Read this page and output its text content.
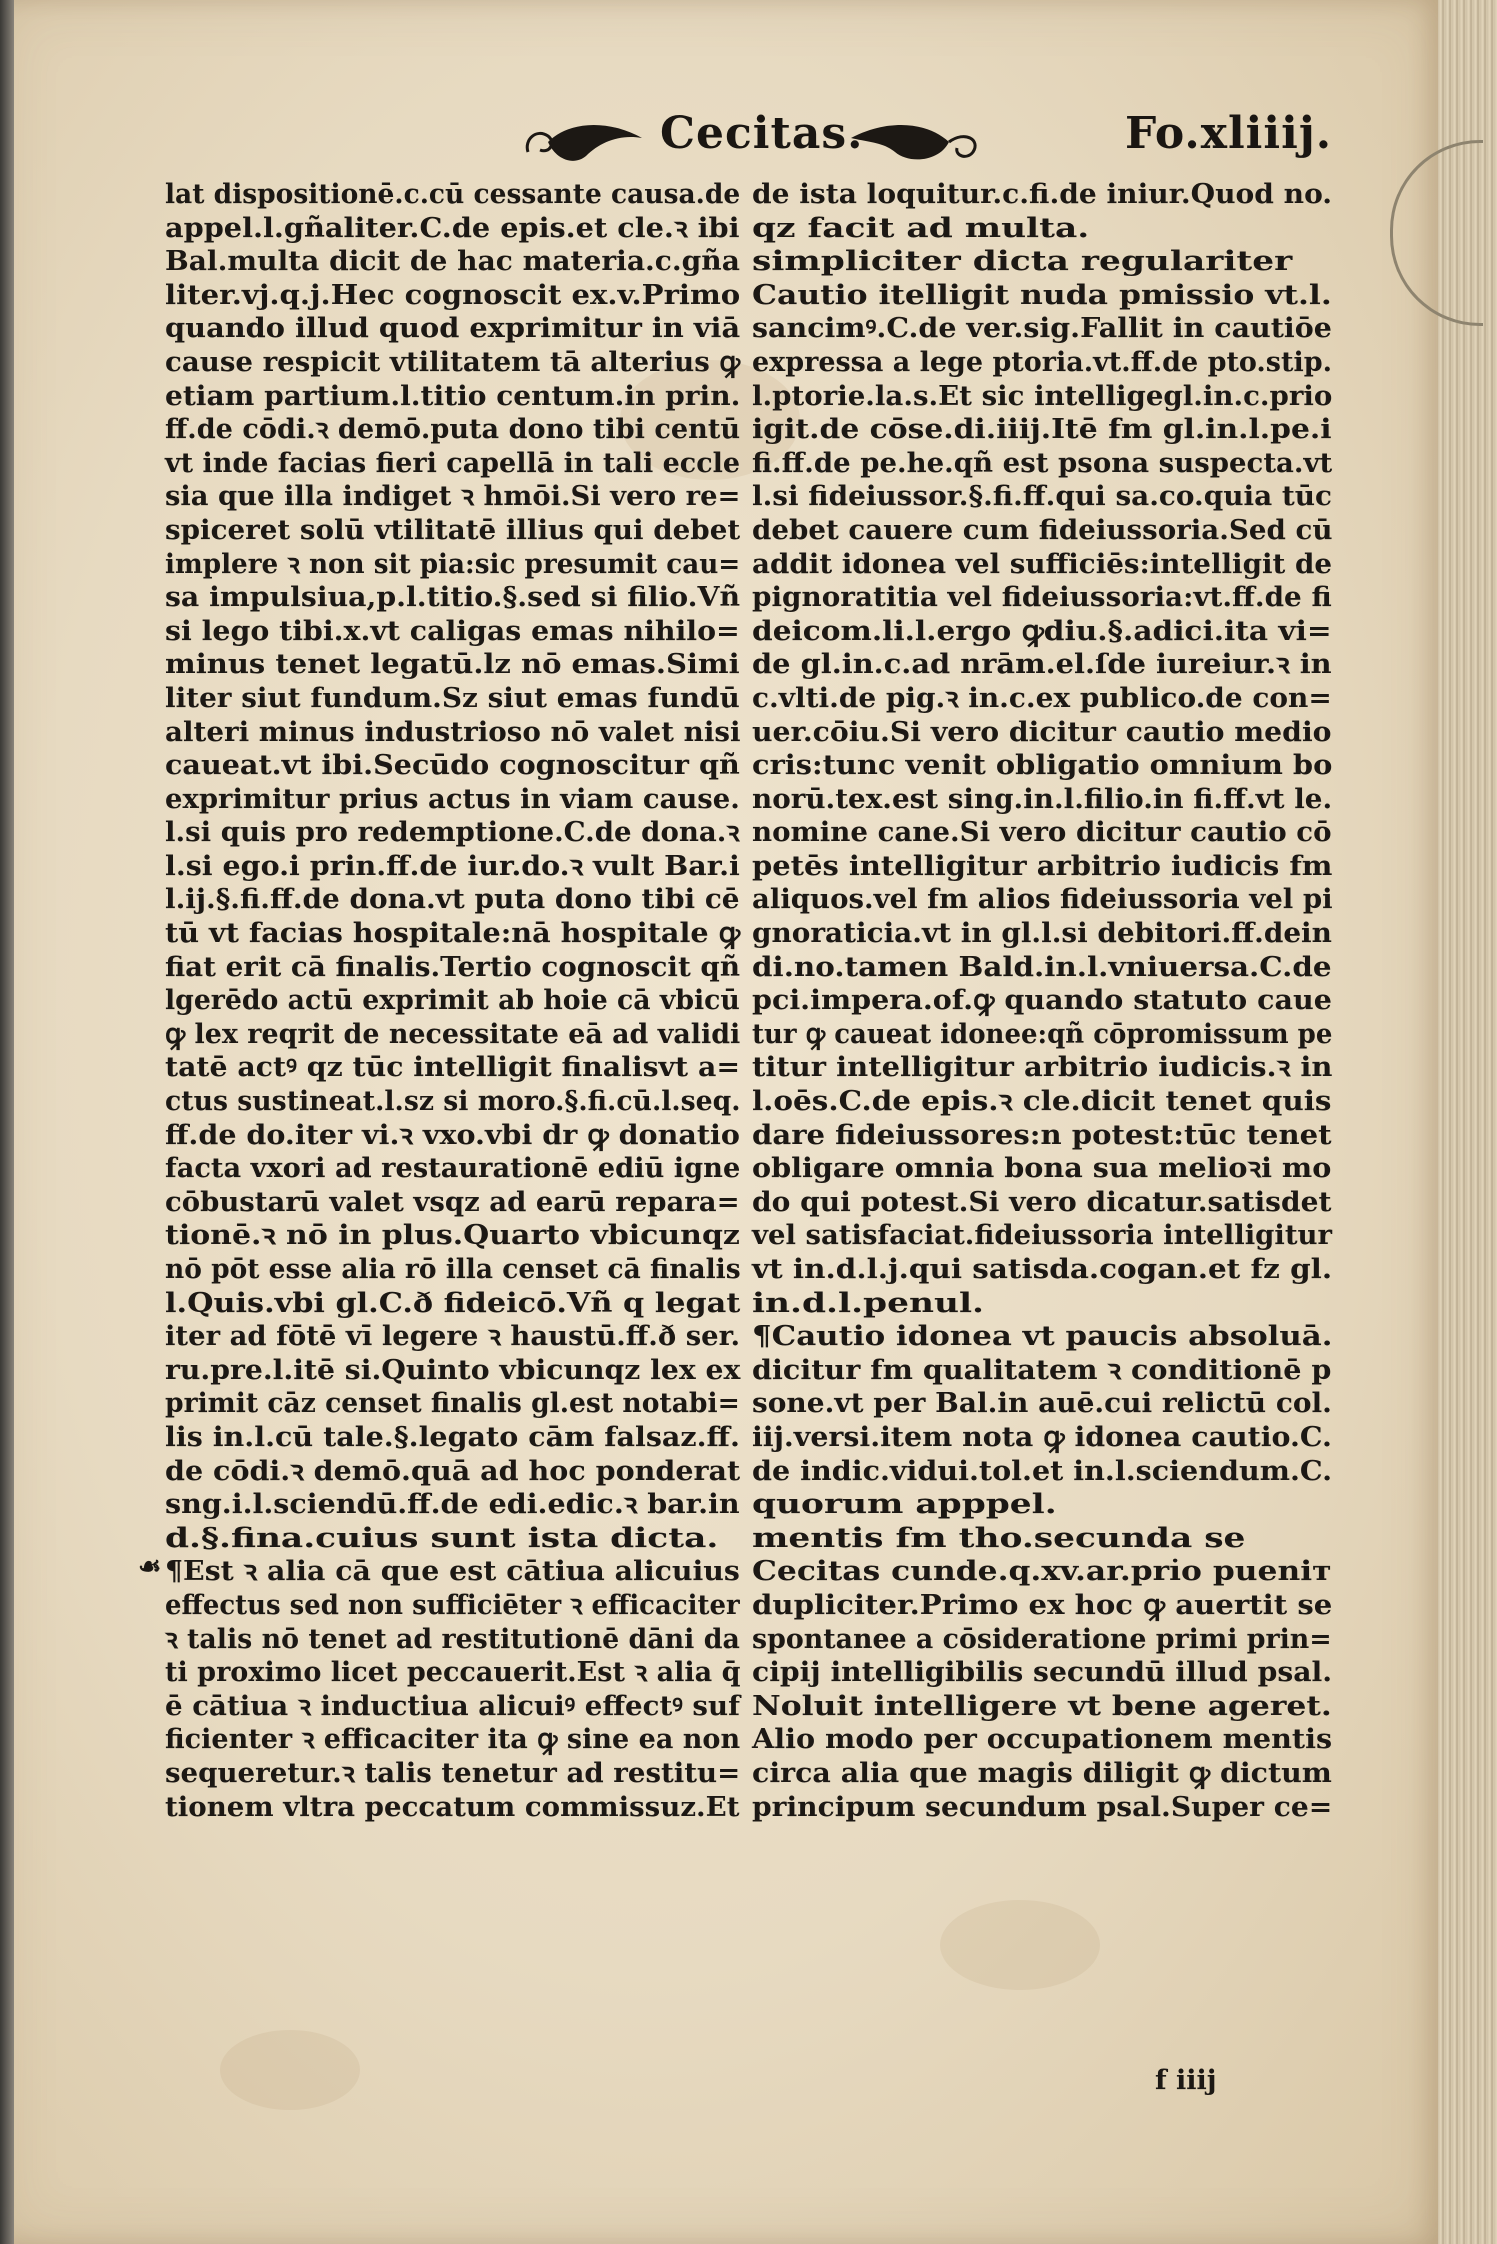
Cecitas.	Fo.xliiij.
☙
lat dispositionē.c.cū cessante causa.de
appel.l.gñaliter.C.de epis.et cle.ꝛ ibi
Bal.multa dicit de hac materia.c.gña
liter.vj.q.j.Hec cognoscit ex.v.Primo
quando illud quod exprimitur in viā
cause respicit vtilitatem tā alterius ꝙ
etiam partium.l.titio centum.in prin.
ff.de cōdi.ꝛ demō.puta dono tibi centū
vt inde facias fieri capellā in tali eccle
sia que illa indiget ꝛ hmōi.Si vero re=
spiceret solū vtilitatē illius qui debet
implere ꝛ non sit pia:sic presumit cau=
sa impulsiua,p.l.titio.§.sed si filio.Vñ
si lego tibi.x.vt caligas emas nihilo=
minus tenet legatū.lz nō emas.Simi
liter siut fundum.Sz siut emas fundū
alteri minus industrioso nō valet nisi
caueat.vt ibi.Secūdo cognoscitur qñ
exprimitur prius actus in viam cause.
l.si quis pro redemptione.C.de dona.ꝛ
l.si ego.i prin.ff.de iur.do.ꝛ vult Bar.i
l.ij.§.fi.ff.de dona.vt puta dono tibi cē
tū vt facias hospitale:nā hospitale ꝙ
fiat erit cā finalis.Tertio cognoscit qñ
lgerēdo actū exprimit ab hoie cā vbicū
ꝙ lex reqrit de necessitate eā ad validi
tatē actꝰ qz tūc intelligit finalisvt a=
ctus sustineat.l.sz si moro.§.fi.cū.l.seq.
ff.de do.iter vi.ꝛ vxo.vbi dr ꝙ donatio
facta vxori ad restaurationē ediū igne
cōbustarū valet vsqz ad earū repara=
tionē.ꝛ nō in plus.Quarto vbicunqz
nō pōt esse alia rō illa censet cā finalis
l.Quis.vbi gl.C.ð fideicō.Vñ q legat
iter ad fōtē vī legere ꝛ haustū.ff.ð ser.
ru.pre.l.itē si.Quinto vbicunqz lex ex
primit cāz censet finalis gl.est notabi=
lis in.l.cū tale.§.legato cām falsaz.ff.
de cōdi.ꝛ demō.quā ad hoc ponderat
sng.i.l.sciendū.ff.de edi.edic.ꝛ bar.in
d.§.fina.cuius sunt ista dicta.
¶Est ꝛ alia cā que est cātiua alicuius
effectus sed non sufficiēter ꝛ efficaciter
ꝛ talis nō tenet ad restitutionē dāni da
ti proximo licet peccauerit.Est ꝛ alia q̄
ē cātiua ꝛ inductiua alicuiꝰ effectꝰ suf
ficienter ꝛ efficaciter ita ꝙ sine ea non
sequeretur.ꝛ talis tenetur ad restitu=
tionem vltra peccatum commissuz.Et
de ista loquitur.c.fi.de iniur.Quod no.
qz facit ad multa.
simpliciter dicta regulariter
Cautio itelligit nuda pmissio vt.l.
sancimꝰ.C.de ver.sig.Fallit in cautiōe
expressa a lege ptoria.vt.ff.de pto.stip.
l.ptorie.la.s.Et sic intelligegl.in.c.prio
igit.de cōse.di.iiij.Itē fm gl.in.l.pe.i
fi.ff.de pe.he.qñ est psona suspecta.vt
l.si fideiussor.§.fi.ff.qui sa.co.quia tūc
debet cauere cum fideiussoria.Sed cū
addit idonea vel sufficiēs:intelligit de
pignoratitia vel fideiussoria:vt.ff.de fi
deicom.li.l.ergo ꝙdiu.§.adici.ita vi=
de gl.in.c.ad nrām.el.ſde iureiur.ꝛ in
c.vlti.de pig.ꝛ in.c.ex publico.de con=
uer.cōiu.Si vero dicitur cautio medio
cris:tunc venit obligatio omnium bo
norū.tex.est sing.in.l.filio.in fi.ff.vt le.
nomine cane.Si vero dicitur cautio cō
petēs intelligitur arbitrio iudicis fm
aliquos.vel fm alios fideiussoria vel pi
gnoraticia.vt in gl.l.si debitori.ff.dein
di.no.tamen Bald.in.l.vniuersa.C.de
pci.impera.of.ꝙ quando statuto caue
tur ꝙ caueat idonee:qñ cōpromissum pe
titur intelligitur arbitrio iudicis.ꝛ in
l.oēs.C.de epis.ꝛ cle.dicit tenet quis
dare fideiussores:n potest:tūc tenet
obligare omnia bona sua melioꝛi mo
do qui potest.Si vero dicatur.satisdet
vel satisfaciat.fideiussoria intelligitur
vt in.d.l.j.qui satisda.cogan.et fz gl.
in.d.l.penul.
¶Cautio idonea vt paucis absoluā.
dicitur fm qualitatem ꝛ conditionē p
sone.vt per Bal.in auē.cui relictū col.
iij.versi.item nota ꝙ idonea cautio.C.
de indic.vidui.tol.et in.l.sciendum.C.
quorum apppel.
mentis fm tho.secunda se
Cecitas cunde.q.xv.ar.pri̇o pueniт
dupliciter.Primo ex hoc ꝙ auertit se
spontanee a cōsideratione primi prin=
cipij intelligibilis secundū illud psal.
Noluit intelligere vt bene ageret.
Alio modo per occupationem mentis
circa alia que magis diligit ꝙ dictum
principum secundum psal.Super ce=
f iiij
